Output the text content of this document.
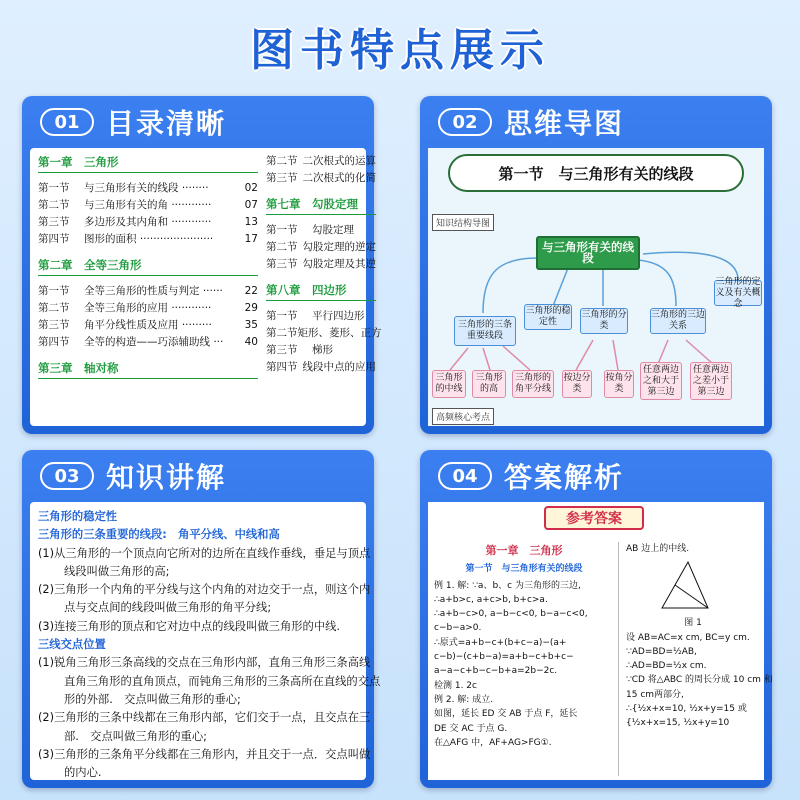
图书特点展示
01 目录清晰
第一章　三角形
第一节	与三角形有关的线段 ········	02
第二节	与三角形有关的角 ············	07
第三节	多边形及其内角和 ············	13
第四节	图形的面积 ······················	17
第二章　全等三角形
第一节	全等三角形的性质与判定 ······	22
第二节	全等三角形的应用 ············	29
第三节	角平分线性质及应用 ·········	35
第四节	全等的构造——巧添辅助线 ···	40
第三章　轴对称
第二节 二次根式的运算
第三节 二次根式的化简
第七章　勾股定理
第一节	勾股定理
第二节 勾股定理的逆定
第三节 勾股定理及其逆
第八章　四边形
第一节	平行四边形
第二节 矩形、菱形、正方
第三节	梯形
第四节 线段中点的应用
02 思维导图
第一节　与三角形有关的线段
知识结构导图
与三角形有关的线段
三角形的三条重要线段
三角形的稳定性
三角形的分类
三角形的三边关系
三角形的定义及有关概念
三角形的中线
三角形的高
三角形的角平分线
按边分类
按角分类
任意两边之和大于第三边
任意两边之差小于第三边
高频核心考点
03 知识讲解
三角形的稳定性
三角形的三条重要的线段:　角平分线、中线和高
(1)从三角形的一个顶点向它所对的边所在直线作垂线，垂足与顶点
线段叫做三角形的高;
(2)三角形一个内角的平分线与这个内角的对边交于一点，则这个内
点与交点间的线段叫做三角形的角平分线;
(3)连接三角形的顶点和它对边中点的线段叫做三角形的中线.
三线交点位置
(1)锐角三角形三条高线的交点在三角形内部，直角三角形三条高线
直角三角形的直角顶点，而钝角三角形的三条高所在直线的交点
形的外部.　交点叫做三角形的垂心;
(2)三角形的三条中线都在三角形内部，它们交于一点，且交点在三
部.　交点叫做三角形的重心;
(3)三角形的三条角平分线都在三角形内，并且交于一点．交点叫做
的内心.
04 答案解析
参考答案
第一章　三角形
第一节　与三角形有关的线段
例 1. 解: ∵a、b、c 为三角形的三边,
∴a+b>c, a+c>b, b+c>a.
∴a+b−c>0, a−b−c<0, b−a−c<0,
c−b−a>0.
∴原式=a+b−c+(b+c−a)−(a+
c−b)−(c+b−a)=a+b−c+b+c−
a−a−c+b−c−b+a=2b−2c.
检测 1. 2c
例 2. 解: 成立.
如图，延长 ED 交 AB 于点 F，延长
DE 交 AC 于点 G.
在△AFG 中，AF+AG>FG①.
AB 边上的中线.
图 1
设 AB=AC=x cm, BC=y cm.
∵AD=BD=½AB,
∴AD=BD=½x cm.
∵CD 将△ABC 的周长分成 10 cm 和
15 cm两部分,
∴{½x+x=10, ½x+y=15 或 {½x+x=15, ½x+y=10
